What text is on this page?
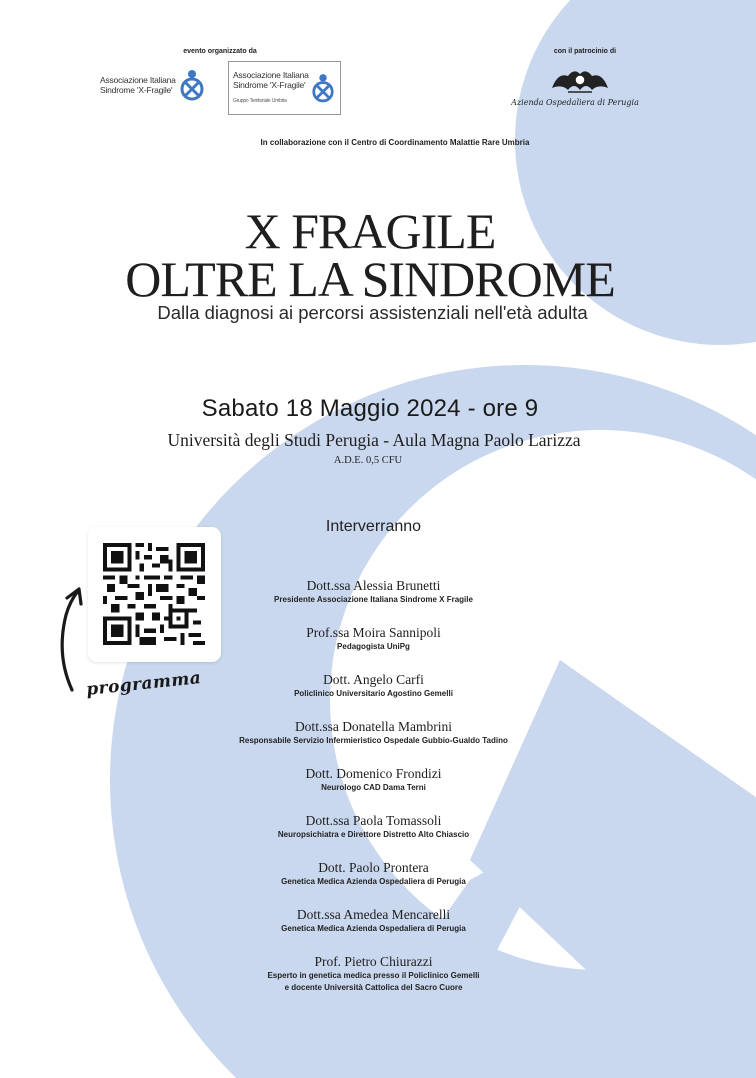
evento organizzato da	con il patrocinio di
Associazione Italiana
Sindrome 'X-Fragile'
Associazione Italiana
Sindrome 'X-Fragile'
Gruppo Territoriale Umbria	Azienda Ospedaliera di Perugia
In collaborazione con il Centro di Coordinamento Malattie Rare Umbria
X FRAGILE
OLTRE LA SINDROME
Dalla diagnosi ai percorsi assistenziali nell'età adulta
Sabato 18 Maggio 2024 - ore 9
Università degli Studi Perugia - Aula Magna Paolo Larizza
A.D.E. 0,5 CFU
programma
Interverranno
Dott.ssa Alessia Brunetti
Presidente Associazione Italiana Sindrome X Fragile
Prof.ssa Moira Sannipoli
Pedagogista UniPg
Dott. Angelo Carfi
Policlinico Universitario Agostino Gemelli
Dott.ssa Donatella Mambrini
Responsabile Servizio Infermieristico Ospedale Gubbio-Gualdo Tadino
Dott. Domenico Frondizi
Neurologo CAD Dama Terni
Dott.ssa Paola Tomassoli
Neuropsichiatra e Direttore Distretto Alto Chiascio
Dott. Paolo Prontera
Genetica Medica Azienda Ospedaliera di Perugia
Dott.ssa Amedea Mencarelli
Genetica Medica Azienda Ospedaliera di Perugia
Prof. Pietro Chiurazzi
Esperto in genetica medica presso il Policlinico Gemelli
e docente Università Cattolica del Sacro Cuore
